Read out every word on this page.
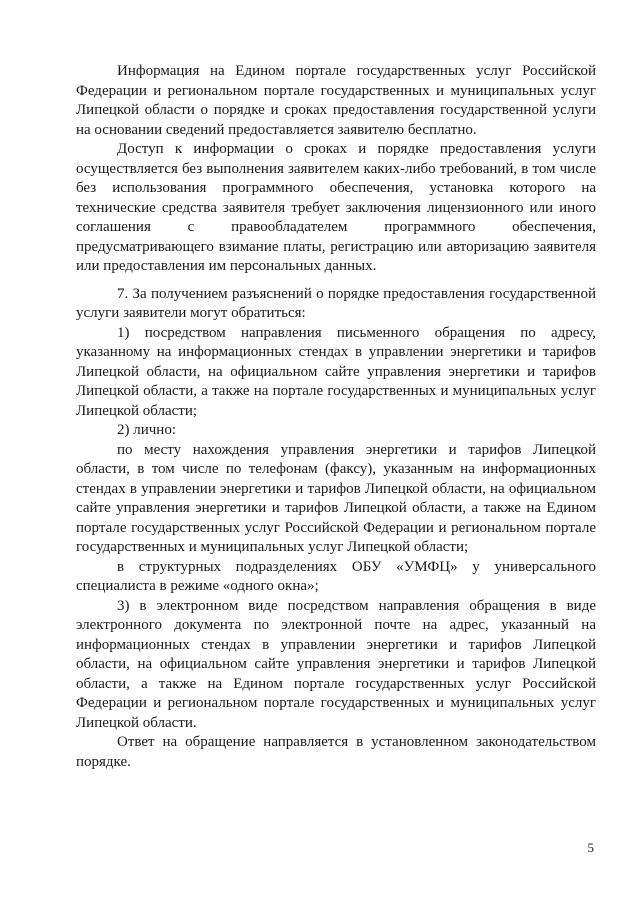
Информация на Едином портале государственных услуг Российской Федерации и региональном портале государственных и муниципальных услуг Липецкой области о порядке и сроках предоставления государственной услуги на основании сведений предоставляется заявителю бесплатно.

Доступ к информации о сроках и порядке предоставления услуги осуществляется без выполнения заявителем каких-либо требований, в том числе без использования программного обеспечения, установка которого на технические средства заявителя требует заключения лицензионного или иного соглашения с правообладателем программного обеспечения, предусматривающего взимание платы, регистрацию или авторизацию заявителя или предоставления им персональных данных.

7. За получением разъяснений о порядке предоставления государственной услуги заявители могут обратиться:

1) посредством направления письменного обращения по адресу, указанному на информационных стендах в управлении энергетики и тарифов Липецкой области, на официальном сайте управления энергетики и тарифов Липецкой области, а также на портале государственных и муниципальных услуг Липецкой области;

2) лично:

по месту нахождения управления энергетики и тарифов Липецкой области, в том числе по телефонам (факсу), указанным на информационных стендах в управлении энергетики и тарифов Липецкой области, на официальном сайте управления энергетики и тарифов Липецкой области, а также на Едином портале государственных услуг Российской Федерации и региональном портале государственных и муниципальных услуг Липецкой области;

в структурных подразделениях ОБУ «УМФЦ» у универсального специалиста в режиме «одного окна»;

3) в электронном виде посредством направления обращения в виде электронного документа по электронной почте на адрес, указанный на информационных стендах в управлении энергетики и тарифов Липецкой области, на официальном сайте управления энергетики и тарифов Липецкой области, а также на Едином портале государственных услуг Российской Федерации и региональном портале государственных и муниципальных услуг Липецкой области.

Ответ на обращение направляется в установленном законодательством порядке.

5
